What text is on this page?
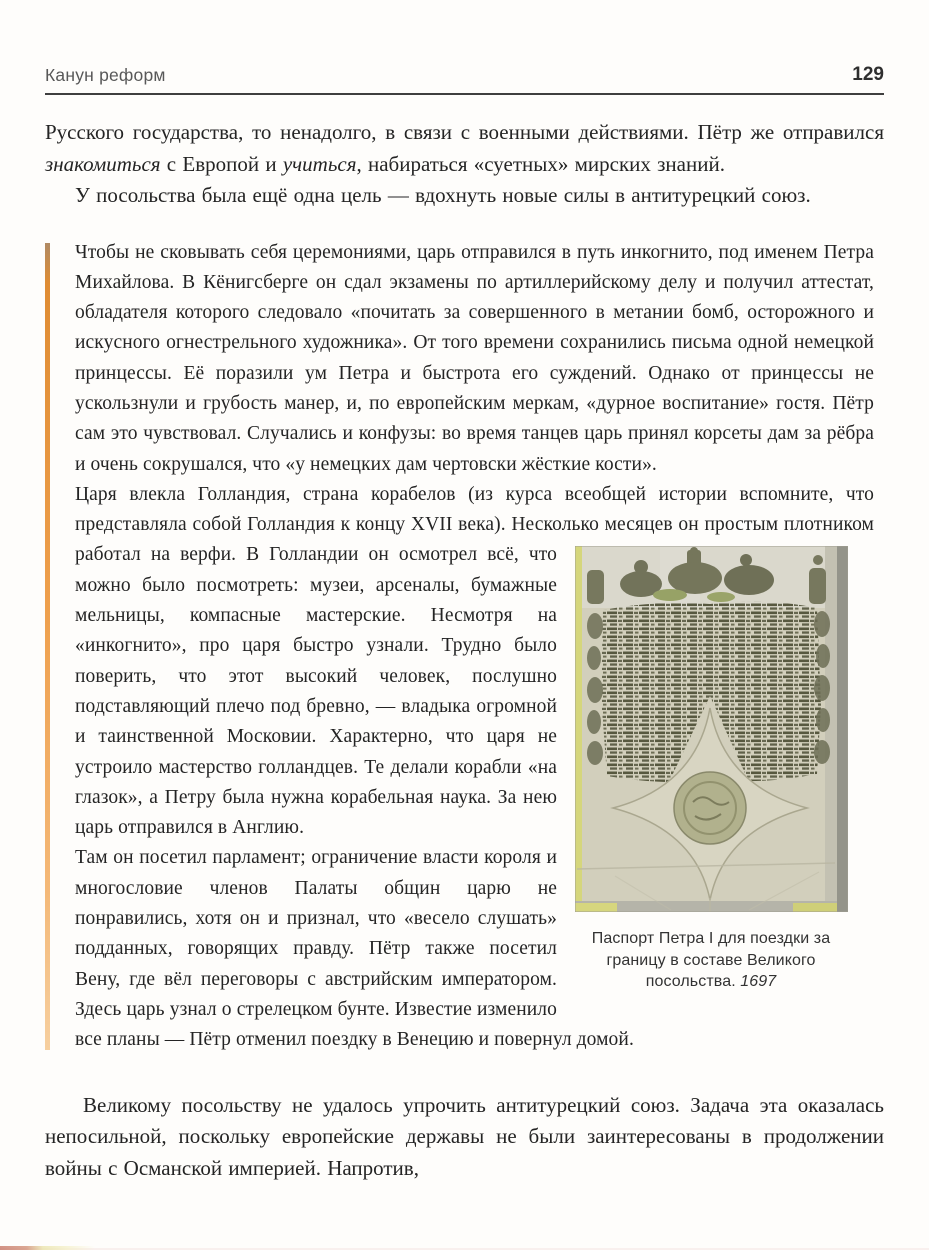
Канун реформ	129

Русского государства, то ненадолго, в связи с военными действиями. Пётр же отправился знакомиться с Европой и учиться, набираться «суетных» мирских знаний.

У посольства была ещё одна цель — вдохнуть новые силы в антитурецкий союз.

Чтобы не сковывать себя церемониями, царь отправился в путь инкогнито, под именем Петра Михайлова. В Кёнигсберге он сдал экзамены по артиллерийскому делу и получил аттестат, обладателя которого следовало «почитать за совершенного в метании бомб, осторожного и искусного огнестрельного художника». От того времени сохранились письма одной немецкой принцессы. Её поразили ум Петра и быстрота его суждений. Однако от принцессы не ускользнули и грубость манер, и, по европейским меркам, «дурное воспитание» гостя. Пётр сам это чувствовал. Случались и конфузы: во время танцев царь принял корсеты дам за рёбра и очень сокрушался, что «у немецких дам чертовски жёсткие кости».

Царя влекла Голландия, страна корабелов (из курса всеобщей истории вспомните, что представляла собой Голландия к концу XVII века). Несколько месяцев он простым плотником работал на верфи. В Голландии
Паспорт Петра I для поездки за границу в составе Великого посольства. 1697
он осмотрел всё, что можно было посмотреть: музеи, арсеналы, бумажные мельницы, компасные мастерские. Несмотря на «инкогнито», про царя быстро узнали. Трудно было поверить, что этот высокий человек, послушно подставляющий плечо под бревно, — владыка огромной и таинственной Московии. Характерно, что царя не устроило мастерство голландцев. Те делали корабли «на глазок», а Петру была нужна корабельная наука. За нею царь отправился в Англию.

Там он посетил парламент; ограничение власти короля и многословие членов Палаты общин царю не понравились, хотя он и признал, что «весело слушать» подданных, говорящих правду. Пётр также посетил Вену, где вёл переговоры с австрийским императором. Здесь царь узнал о стрелецком бунте. Известие изменило все планы — Пётр отменил поездку в Венецию и повернул домой.

Великому посольству не удалось упрочить антитурецкий союз. Задача эта оказалась непосильной, поскольку европейские державы не были заинтересованы в продолжении войны с Османской империей. Напротив,
